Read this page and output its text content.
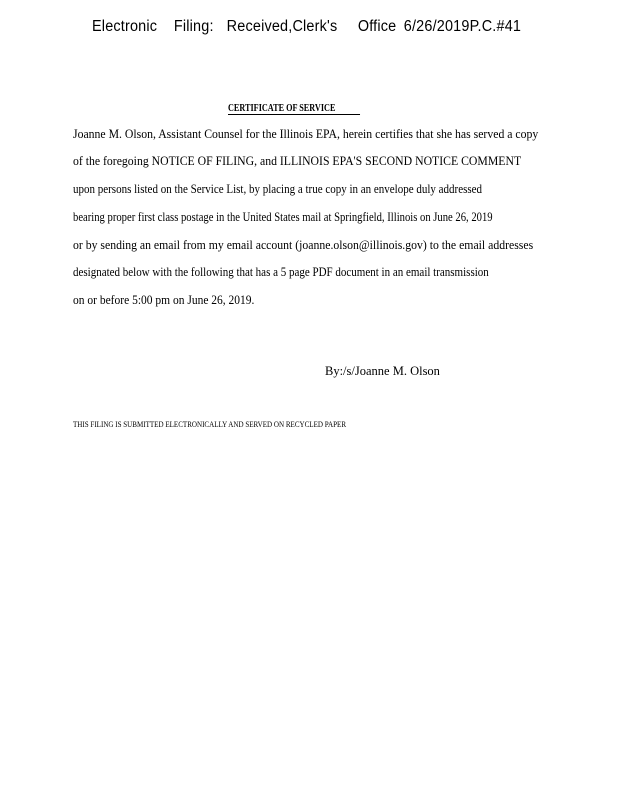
Electronic Filing: Received,Clerk's Office 6/26/2019P.C.#41
CERTIFICATE OF SERVICE
Joanne M. Olson, Assistant Counsel for the Illinois EPA, herein certifies that she has served a copy
of the foregoing NOTICE OF FILING, and ILLINOIS EPA'S SECOND NOTICE COMMENT
upon persons listed on the Service List, by placing a true copy in an envelope duly addressed
bearing proper first class postage in the United States mail at Springfield, Illinois on June 26, 2019
or by sending an email from my email account (joanne.olson@illinois.gov) to the email addresses
designated below with the following that has a 5 page PDF document in an email transmission
on or before 5:00 pm on June 26, 2019.
By:/s/Joanne M. Olson
THIS FILING IS SUBMITTED ELECTRONICALLY AND SERVED ON RECYCLED PAPER
